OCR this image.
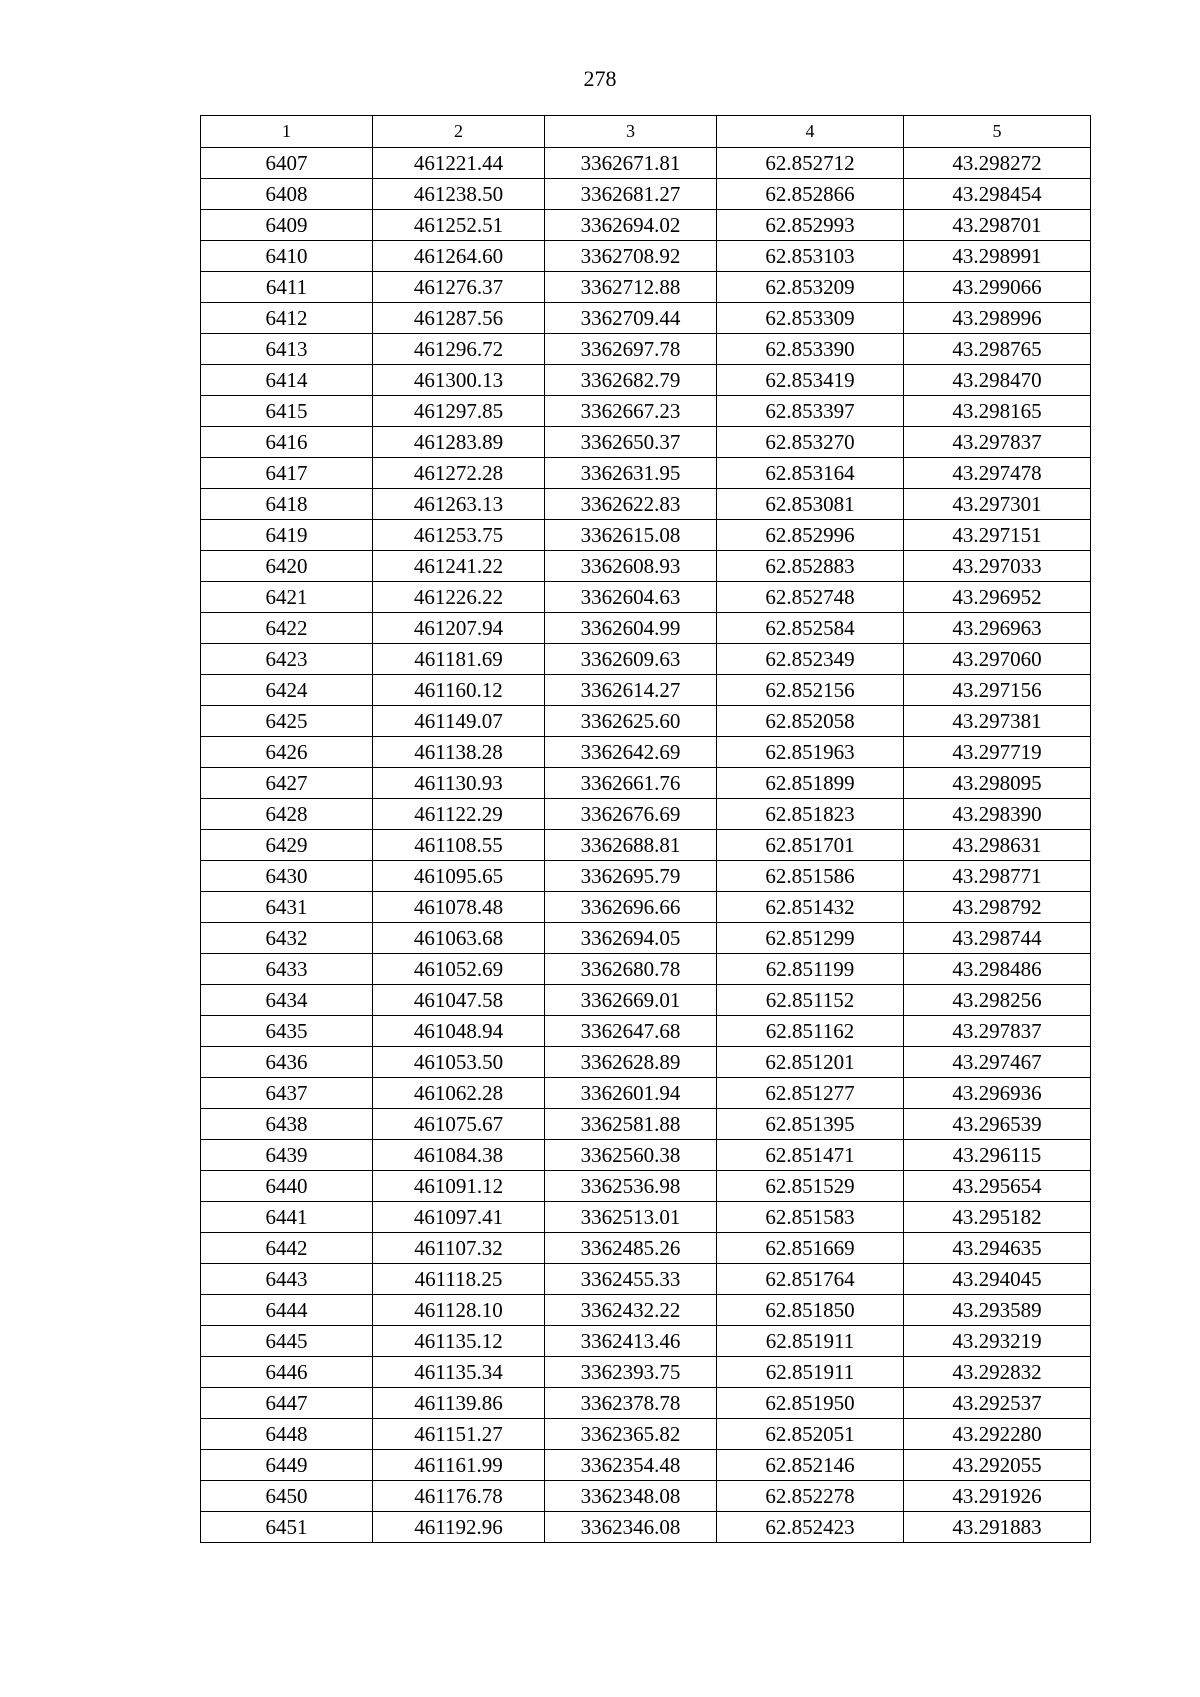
278
1	2	3	4	5
6407	461221.44	3362671.81	62.852712	43.298272
6408	461238.50	3362681.27	62.852866	43.298454
6409	461252.51	3362694.02	62.852993	43.298701
6410	461264.60	3362708.92	62.853103	43.298991
6411	461276.37	3362712.88	62.853209	43.299066
6412	461287.56	3362709.44	62.853309	43.298996
6413	461296.72	3362697.78	62.853390	43.298765
6414	461300.13	3362682.79	62.853419	43.298470
6415	461297.85	3362667.23	62.853397	43.298165
6416	461283.89	3362650.37	62.853270	43.297837
6417	461272.28	3362631.95	62.853164	43.297478
6418	461263.13	3362622.83	62.853081	43.297301
6419	461253.75	3362615.08	62.852996	43.297151
6420	461241.22	3362608.93	62.852883	43.297033
6421	461226.22	3362604.63	62.852748	43.296952
6422	461207.94	3362604.99	62.852584	43.296963
6423	461181.69	3362609.63	62.852349	43.297060
6424	461160.12	3362614.27	62.852156	43.297156
6425	461149.07	3362625.60	62.852058	43.297381
6426	461138.28	3362642.69	62.851963	43.297719
6427	461130.93	3362661.76	62.851899	43.298095
6428	461122.29	3362676.69	62.851823	43.298390
6429	461108.55	3362688.81	62.851701	43.298631
6430	461095.65	3362695.79	62.851586	43.298771
6431	461078.48	3362696.66	62.851432	43.298792
6432	461063.68	3362694.05	62.851299	43.298744
6433	461052.69	3362680.78	62.851199	43.298486
6434	461047.58	3362669.01	62.851152	43.298256
6435	461048.94	3362647.68	62.851162	43.297837
6436	461053.50	3362628.89	62.851201	43.297467
6437	461062.28	3362601.94	62.851277	43.296936
6438	461075.67	3362581.88	62.851395	43.296539
6439	461084.38	3362560.38	62.851471	43.296115
6440	461091.12	3362536.98	62.851529	43.295654
6441	461097.41	3362513.01	62.851583	43.295182
6442	461107.32	3362485.26	62.851669	43.294635
6443	461118.25	3362455.33	62.851764	43.294045
6444	461128.10	3362432.22	62.851850	43.293589
6445	461135.12	3362413.46	62.851911	43.293219
6446	461135.34	3362393.75	62.851911	43.292832
6447	461139.86	3362378.78	62.851950	43.292537
6448	461151.27	3362365.82	62.852051	43.292280
6449	461161.99	3362354.48	62.852146	43.292055
6450	461176.78	3362348.08	62.852278	43.291926
6451	461192.96	3362346.08	62.852423	43.291883
